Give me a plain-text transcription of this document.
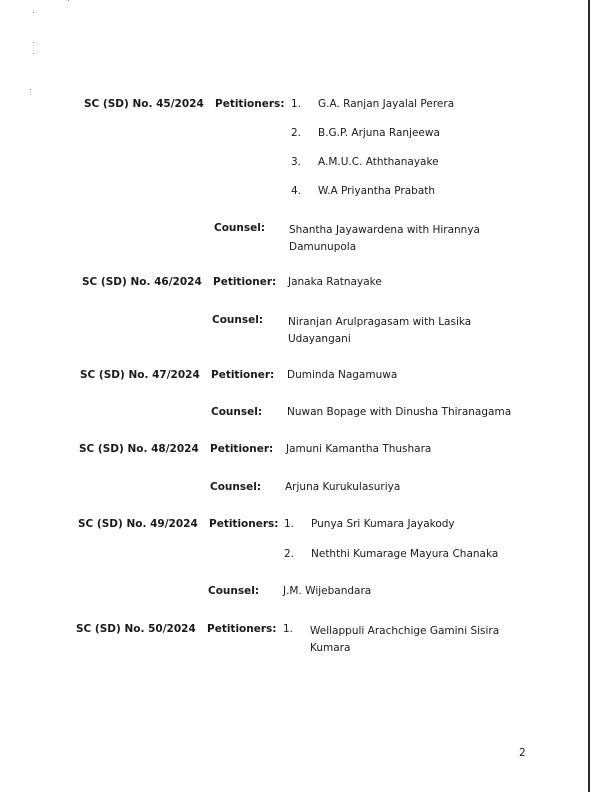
SC (SD) No. 45/2024 Petitioners: 1.	G.A. Ranjan Jayalal Perera
2.	B.G.P. Arjuna Ranjeewa
3.	A.M.U.C. Aththanayake
4.	W.A Priyantha Prabath
Counsel: Shantha Jayawardena with Hirannya Damunupola
SC (SD) No. 46/2024 Petitioner: Janaka Ratnayake
Counsel: Niranjan Arulpragasam with Lasika Udayangani
SC (SD) No. 47/2024 Petitioner: Duminda Nagamuwa
Counsel: Nuwan Bopage with Dinusha Thiranagama
SC (SD) No. 48/2024 Petitioner: Jamuni Kamantha Thushara
Counsel: Arjuna Kurukulasuriya
SC (SD) No. 49/2024 Petitioners: 1.	Punya Sri Kumara Jayakody
2.	Neththi Kumarage Mayura Chanaka
Counsel: J.M. Wijebandara
SC (SD) No. 50/2024 Petitioners: 1.	Wellappuli Arachchige Gamini Sisira Kumara
2
